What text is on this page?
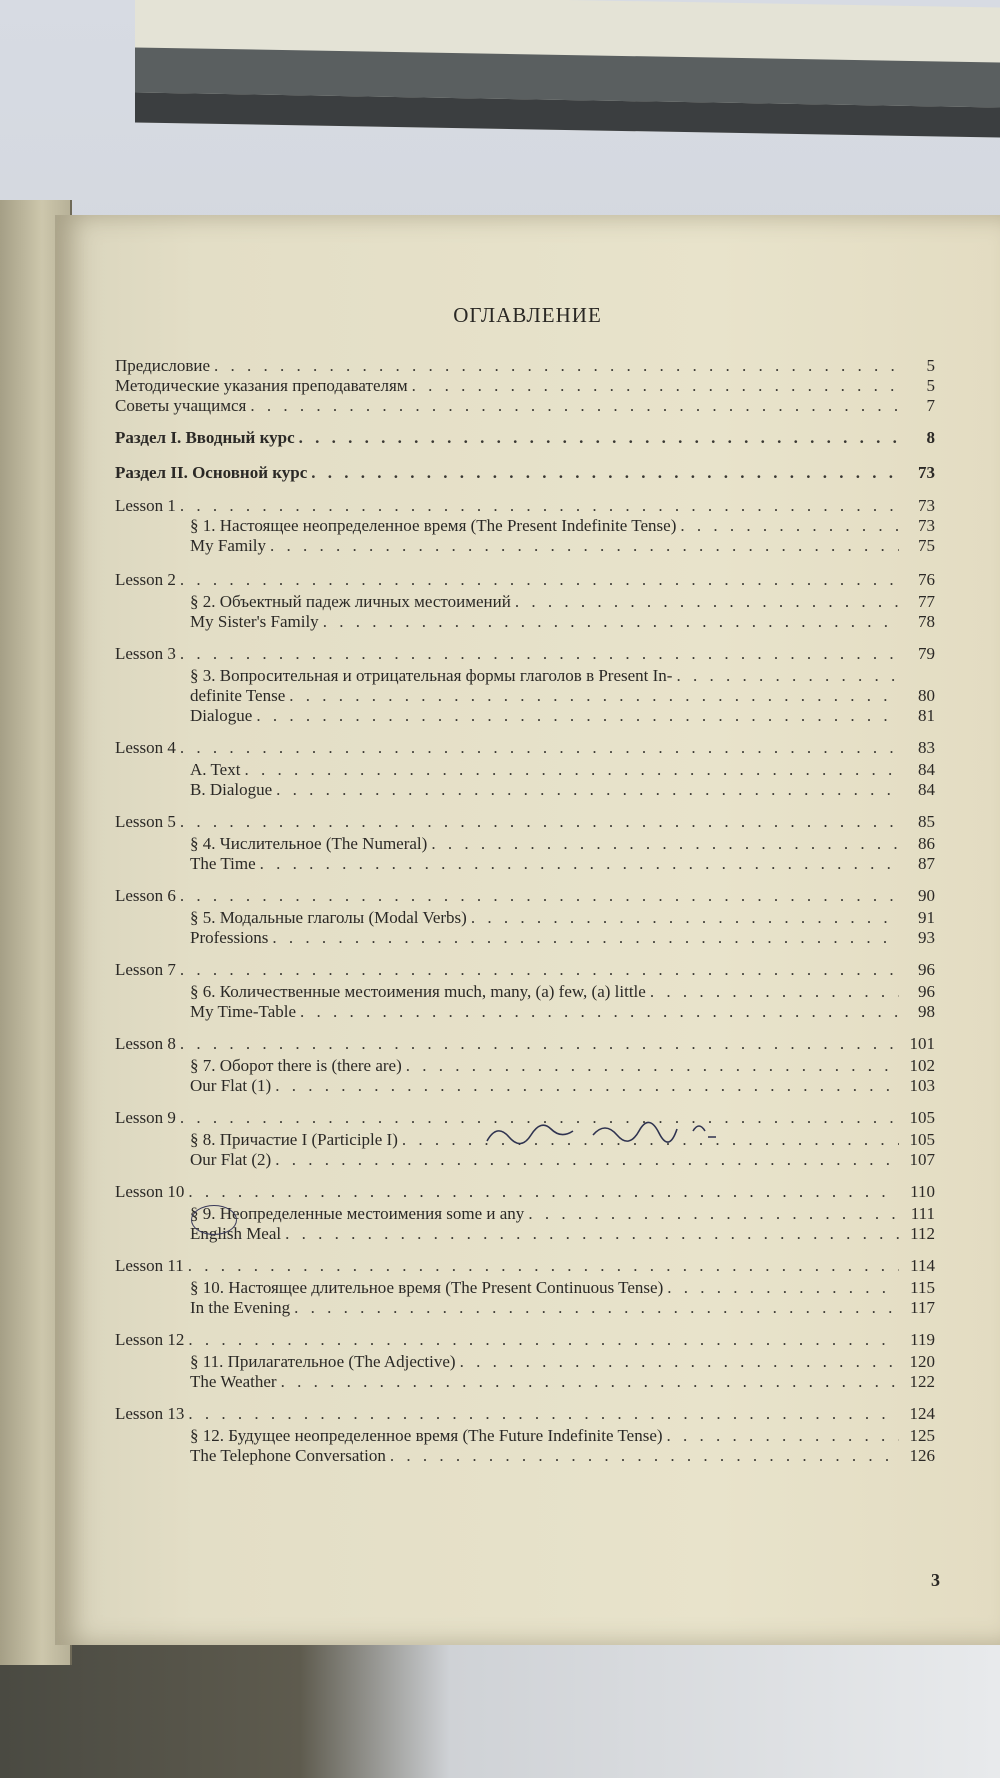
ОГЛАВЛЕНИЕ
Предисловие . . .	5
Методические указания преподавателям . . .	5
Советы учащимся . . .	7
Раздел I. Вводный курс . . .	8
Раздел II. Основной курс . . .	73
Lesson 1 . . .	73
§ 1. Настоящее неопределенное время (The Present Indefinite Tense) . . .	73
My Family . . .	75
Lesson 2 . . .	76
§ 2. Объектный падеж личных местоимений . . .	77
My Sister's Family . . .	78
Lesson 3 . . .	79
§ 3. Вопросительная и отрицательная формы глаголов в Present In-
. . .
definite Tense . . .	80
Dialogue . . .	81
Lesson 4 . . .	83
A. Text . . .	84
B. Dialogue . . .	84
Lesson 5 . . .	85
§ 4. Числительное (The Numeral) . . .	86
The Time . . .	87
Lesson 6 . . .	90
§ 5. Модальные глаголы (Modal Verbs) . . .	91
Professions . . .	93
Lesson 7 . . .	96
§ 6. Количественные местоимения much, many, (a) few, (a) little . . .	96
My Time-Table . . .	98
Lesson 8 . . .	101
§ 7. Оборот there is (there are) . . .	102
Our Flat (1) . . .	103
Lesson 9 . . .	105
§ 8. Причастие I (Participle I) . . .	105
Our Flat (2) . . .	107
Lesson 10 . . .	110
§ 9. Неопределенные местоимения some и any . . .	111
English Meal . . .	112
Lesson 11 . . .	114
§ 10. Настоящее длительное время (The Present Continuous Tense) . . .	115
In the Evening . . .	117
Lesson 12 . . .	119
§ 11. Прилагательное (The Adjective) . . .	120
The Weather . . .	122
Lesson 13 . . .	124
§ 12. Будущее неопределенное время (The Future Indefinite Tense) . . .	125
The Telephone Conversation . . .	126
3
